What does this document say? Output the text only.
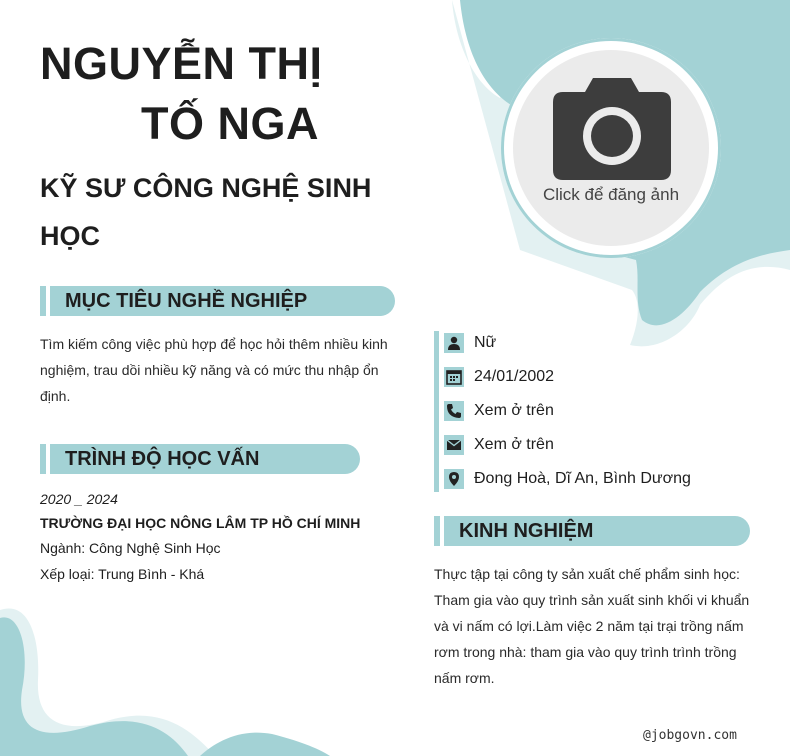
NGUYỄN THỊ
TỐ NGA
KỸ SƯ CÔNG NGHỆ SINH HỌC
Click để đăng ảnh
MỤC TIÊU NGHỀ NGHIỆP
Tìm kiếm công việc phù hợp để học hỏi thêm nhiều kinh nghiệm, trau dồi nhiều kỹ năng và có mức thu nhập ổn định.
TRÌNH ĐỘ HỌC VẤN
2020 _ 2024
TRƯỜNG ĐẠI HỌC NÔNG LÂM TP HỒ CHÍ MINH
Ngành: Công Nghệ Sinh Học
Xếp loại: Trung Bình - Khá
Nữ
24/01/2002
Xem ở trên
Xem ở trên
Đong Hoà, Dĩ An, Bình Dương
KINH NGHIỆM
Thực tập tại công ty sản xuất chế phẩm sinh học: Tham gia vào quy trình sản xuất sinh khối vi khuẩn và vi nấm có lợi.Làm việc 2 năm tại trại trồng nấm rơm trong nhà: tham gia vào quy trình trình trồng nấm rơm.
@jobgovn.com
